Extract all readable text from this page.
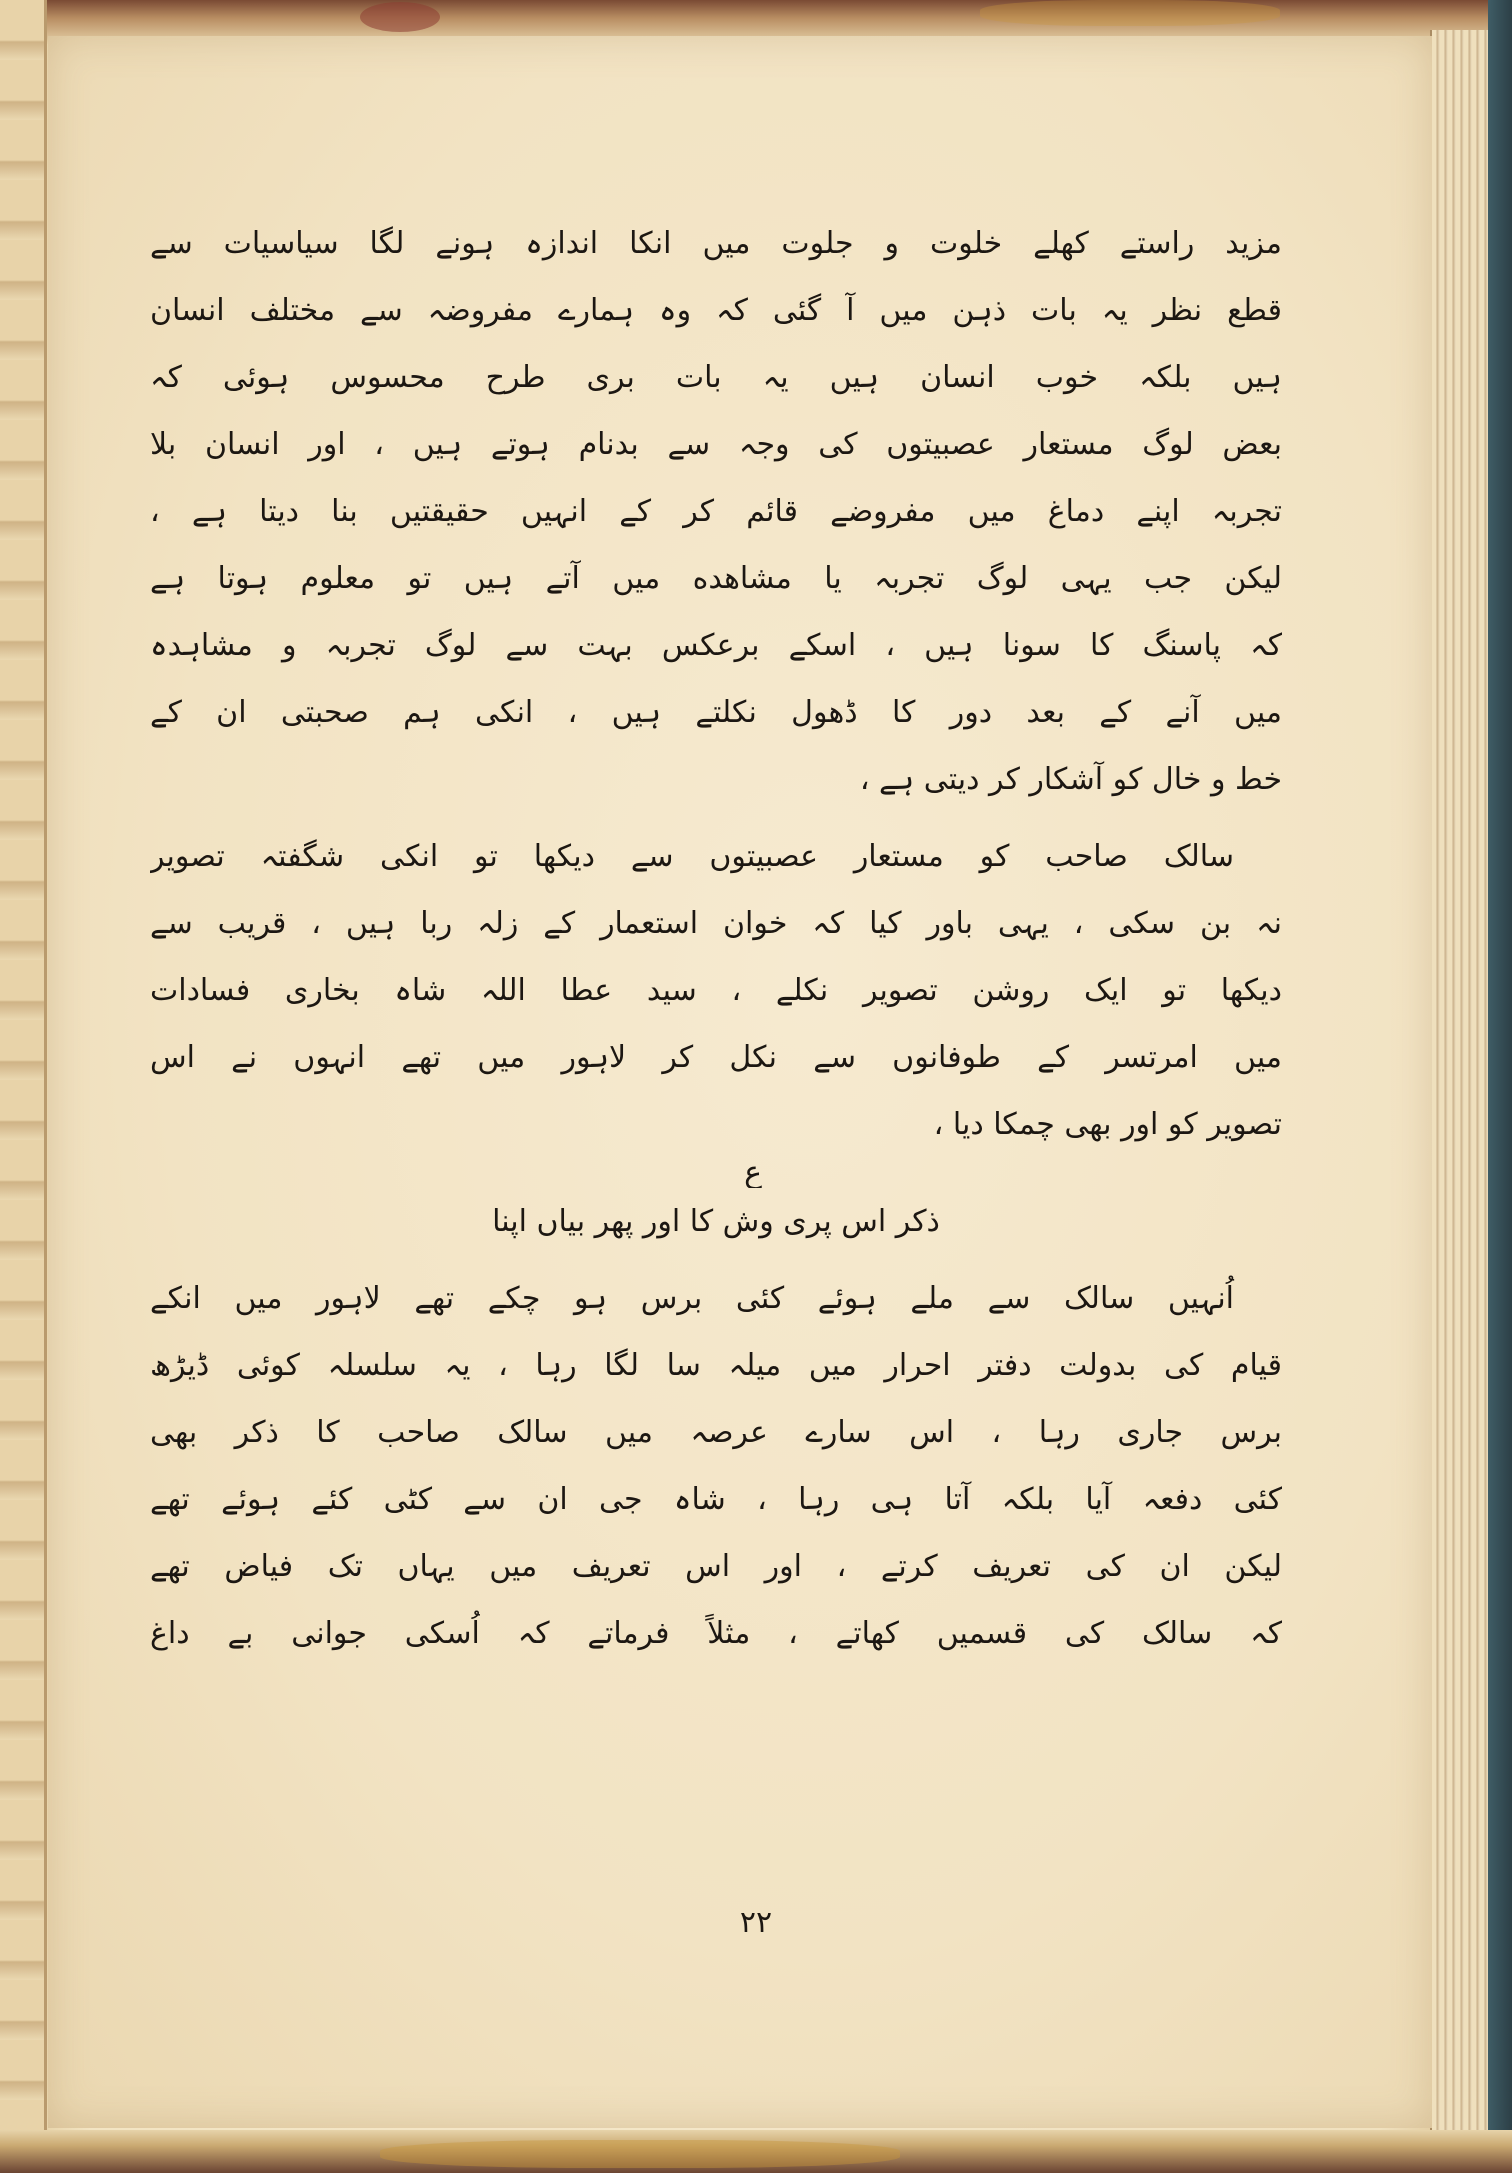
مزید راستے کھلے خلوت و جلوت میں انکا اندازہ ہونے لگا سیاسیات سے
قطع نظر یہ بات ذہن میں آ گئی کہ وہ ہمارے مفروضہ سے مختلف انسان
ہیں بلکہ خوب انسان ہیں یہ بات بری طرح محسوس ہوئی کہ
بعض لوگ مستعار عصبیتوں کی وجہ سے بدنام ہوتے ہیں ، اور انسان بلا
تجربہ اپنے دماغ میں مفروضے قائم کر کے انہیں حقیقتیں بنا دیتا ہے ،
لیکن جب یہی لوگ تجربہ یا مشاهده میں آتے ہیں تو معلوم ہوتا ہے
کہ پاسنگ کا سونا ہیں ، اسکے برعکس بہت سے لوگ تجربہ و مشاہدہ
میں آنے کے بعد دور کا ڈھول نکلتے ہیں ، انکی ہم صحبتی ان کے
خط و خال کو آشکار کر دیتی ہے ،
سالک صاحب کو مستعار عصبیتوں سے دیکھا تو انکی شگفتہ تصویر
نہ بن سکی ، یہی باور کیا کہ خوان استعمار کے زلہ ربا ہیں ، قریب سے
دیکھا تو ایک روشن تصویر نکلے ، سید عطا اللہ شاہ بخاری فسادات
میں امرتسر کے طوفانوں سے نکل کر لاہور میں تھے انہوں نے اس
تصویر کو اور بھی چمکا دیا ،
ع
ذکر اس پری وش کا اور پھر بیاں اپنا
اُنہیں سالک سے ملے ہوئے کئی برس ہو چکے تھے لاہور میں انکے
قیام کی بدولت دفتر احرار میں میلہ سا لگا رہا ، یہ سلسلہ کوئی ڈیڑھ
برس جاری رہا ، اس سارے عرصہ میں سالک صاحب کا ذکر بھی
کئی دفعہ آیا بلکہ آتا ہی رہا ، شاہ جی ان سے کٹی کئے ہوئے تھے
لیکن ان کی تعریف کرتے ، اور اس تعریف میں یہاں تک فیاض تھے
کہ سالک کی قسمیں کھاتے ، مثلاً فرماتے کہ اُسکی جوانی بے داغ
٢٢
